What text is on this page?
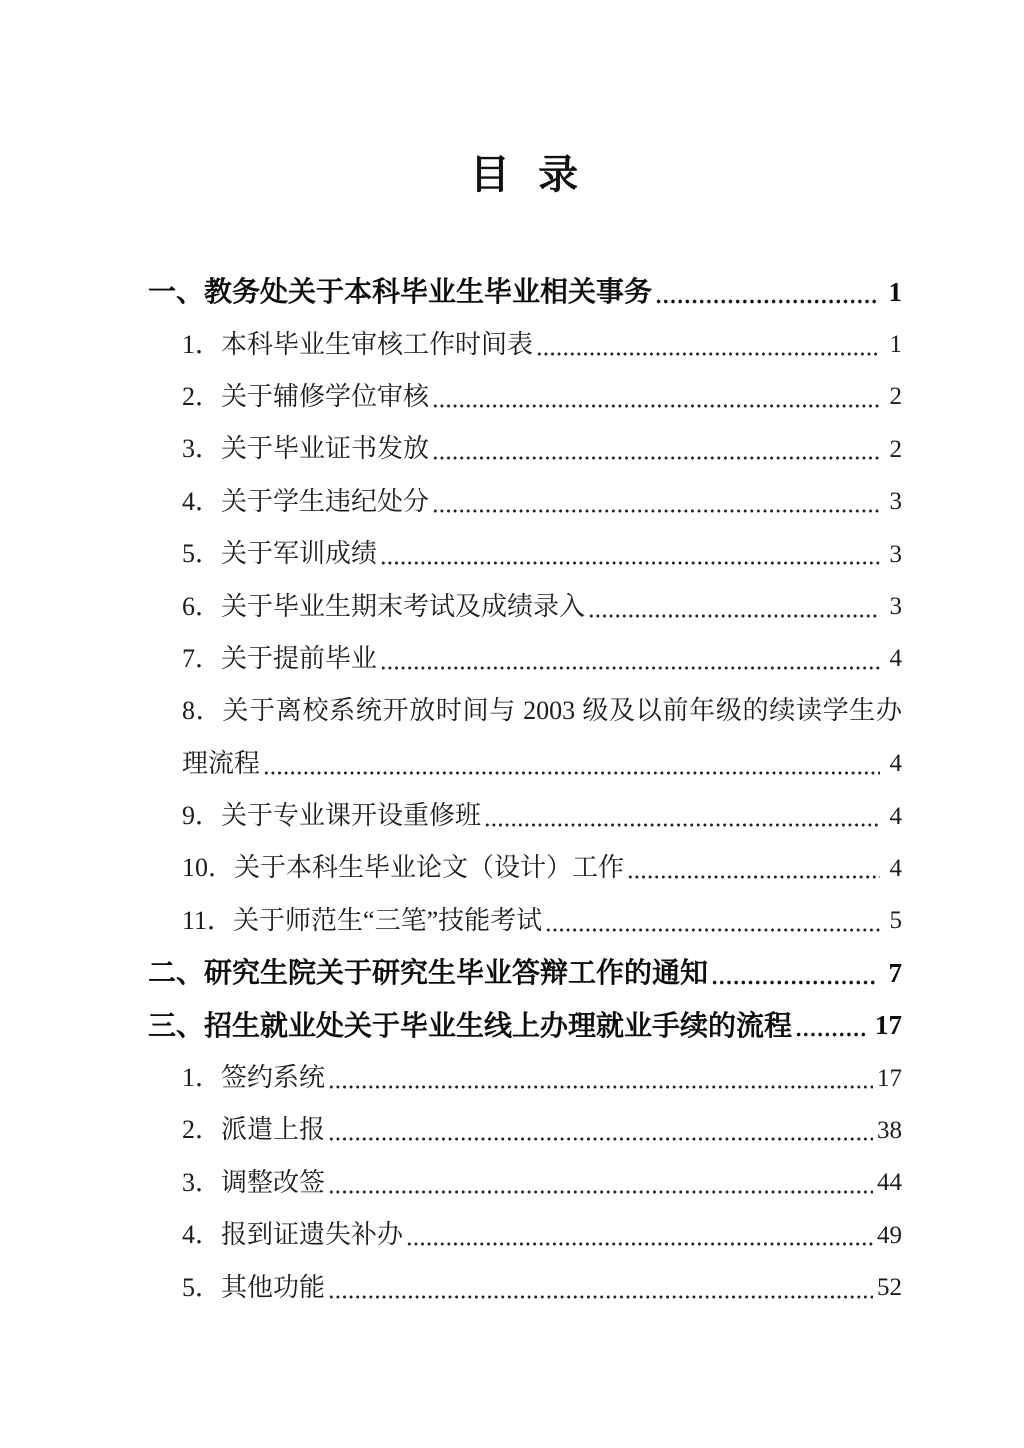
目  录
一、教务处关于本科毕业生毕业相关事务	1
1．本科毕业生审核工作时间表	1
2．关于辅修学位审核	2
3．关于毕业证书发放	2
4．关于学生违纪处分	3
5．关于军训成绩	3
6．关于毕业生期末考试及成绩录入	3
7．关于提前毕业	4
8．关于离校系统开放时间与 2003 级及以前年级的续读学生办
理流程	4
9．关于专业课开设重修班	4
10．关于本科生毕业论文（设计）工作	4
11．关于师范生“三笔”技能考试	5
二、研究生院关于研究生毕业答辩工作的通知	7
三、招生就业处关于毕业生线上办理就业手续的流程	17
1．签约系统	17
2．派遣上报	38
3．调整改签	44
4．报到证遗失补办	49
5．其他功能	52
